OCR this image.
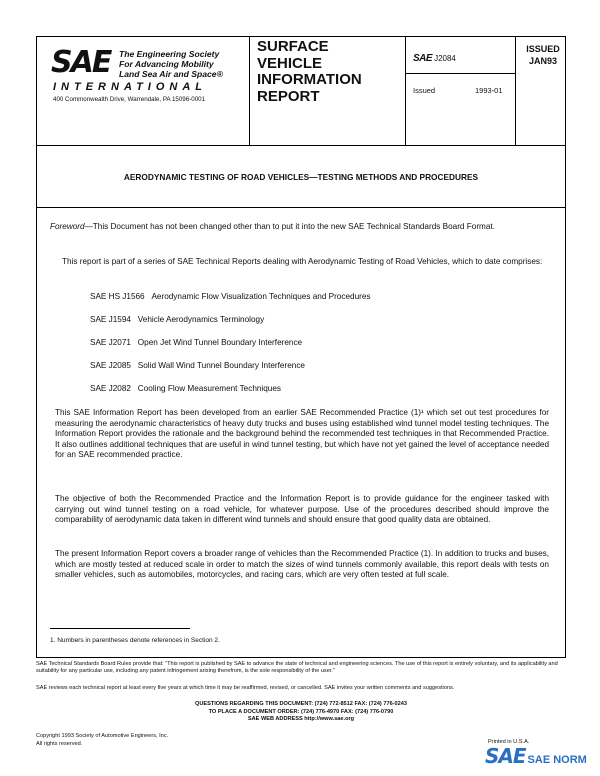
SAE The Engineering Society
For Advancing Mobility
Land Sea Air and Space®
INTERNATIONAL
400 Commonwealth Drive, Warrendale, PA 15096-0001
SURFACE
VEHICLE
INFORMATION
REPORT
SAE J2084
Issued	1993-01
ISSUED
JAN93
AERODYNAMIC TESTING OF ROAD VEHICLES—TESTING METHODS AND PROCEDURES
Foreword—This Document has not been changed other than to put it into the new SAE Technical Standards Board Format.
This report is part of a series of SAE Technical Reports dealing with Aerodynamic Testing of Road Vehicles, which to date comprises:
SAE HS J1566 Aerodynamic Flow Visualization Techniques and Procedures
SAE J1594 Vehicle Aerodynamics Terminology
SAE J2071 Open Jet Wind Tunnel Boundary Interference
SAE J2085 Solid Wall Wind Tunnel Boundary Interference
SAE J2082 Cooling Flow Measurement Techniques
This SAE Information Report has been developed from an earlier SAE Recommended Practice (1)¹ which set out test procedures for measuring the aerodynamic characteristics of heavy duty trucks and buses using established wind tunnel model testing techniques. The Information Report provides the rationale and the background behind the recommended test techniques in that Recommended Practice. It also outlines additional techniques that are useful in wind tunnel testing, but which have not yet gained the level of acceptance needed for an SAE recommended practice.
The objective of both the Recommended Practice and the Information Report is to provide guidance for the engineer tasked with carrying out wind tunnel testing on a road vehicle, for whatever purpose. Use of the procedures described should improve the comparability of aerodynamic data taken in different wind tunnels and should ensure that good quality data are obtained.
The present Information Report covers a broader range of vehicles than the Recommended Practice (1). In addition to trucks and buses, which are mostly tested at reduced scale in order to match the sizes of wind tunnels commonly available, this report deals with tests on smaller vehicles, such as automobiles, motorcycles, and racing cars, which are very often tested at full scale.
1. Numbers in parentheses denote references in Section 2.
SAE Technical Standards Board Rules provide that: “This report is published by SAE to advance the state of technical and engineering sciences. The use of this report is entirely voluntary, and its applicability and suitability for any particular use, including any patent infringement arising therefrom, is the sole responsibility of the user.”
SAE reviews each technical report at least every five years at which time it may be reaffirmed, revised, or cancelled. SAE invites your written comments and suggestions.
QUESTIONS REGARDING THIS DOCUMENT: (724) 772-8512 FAX: (724) 776-0243
TO PLACE A DOCUMENT ORDER: (724) 776-4970 FAX: (724) 776-0790
SAE WEB ADDRESS http://www.sae.org
Copyright 1993 Society of Automotive Engineers, Inc.
All rights reserved.	Printed in U.S.A.
SAE SAE NORM
